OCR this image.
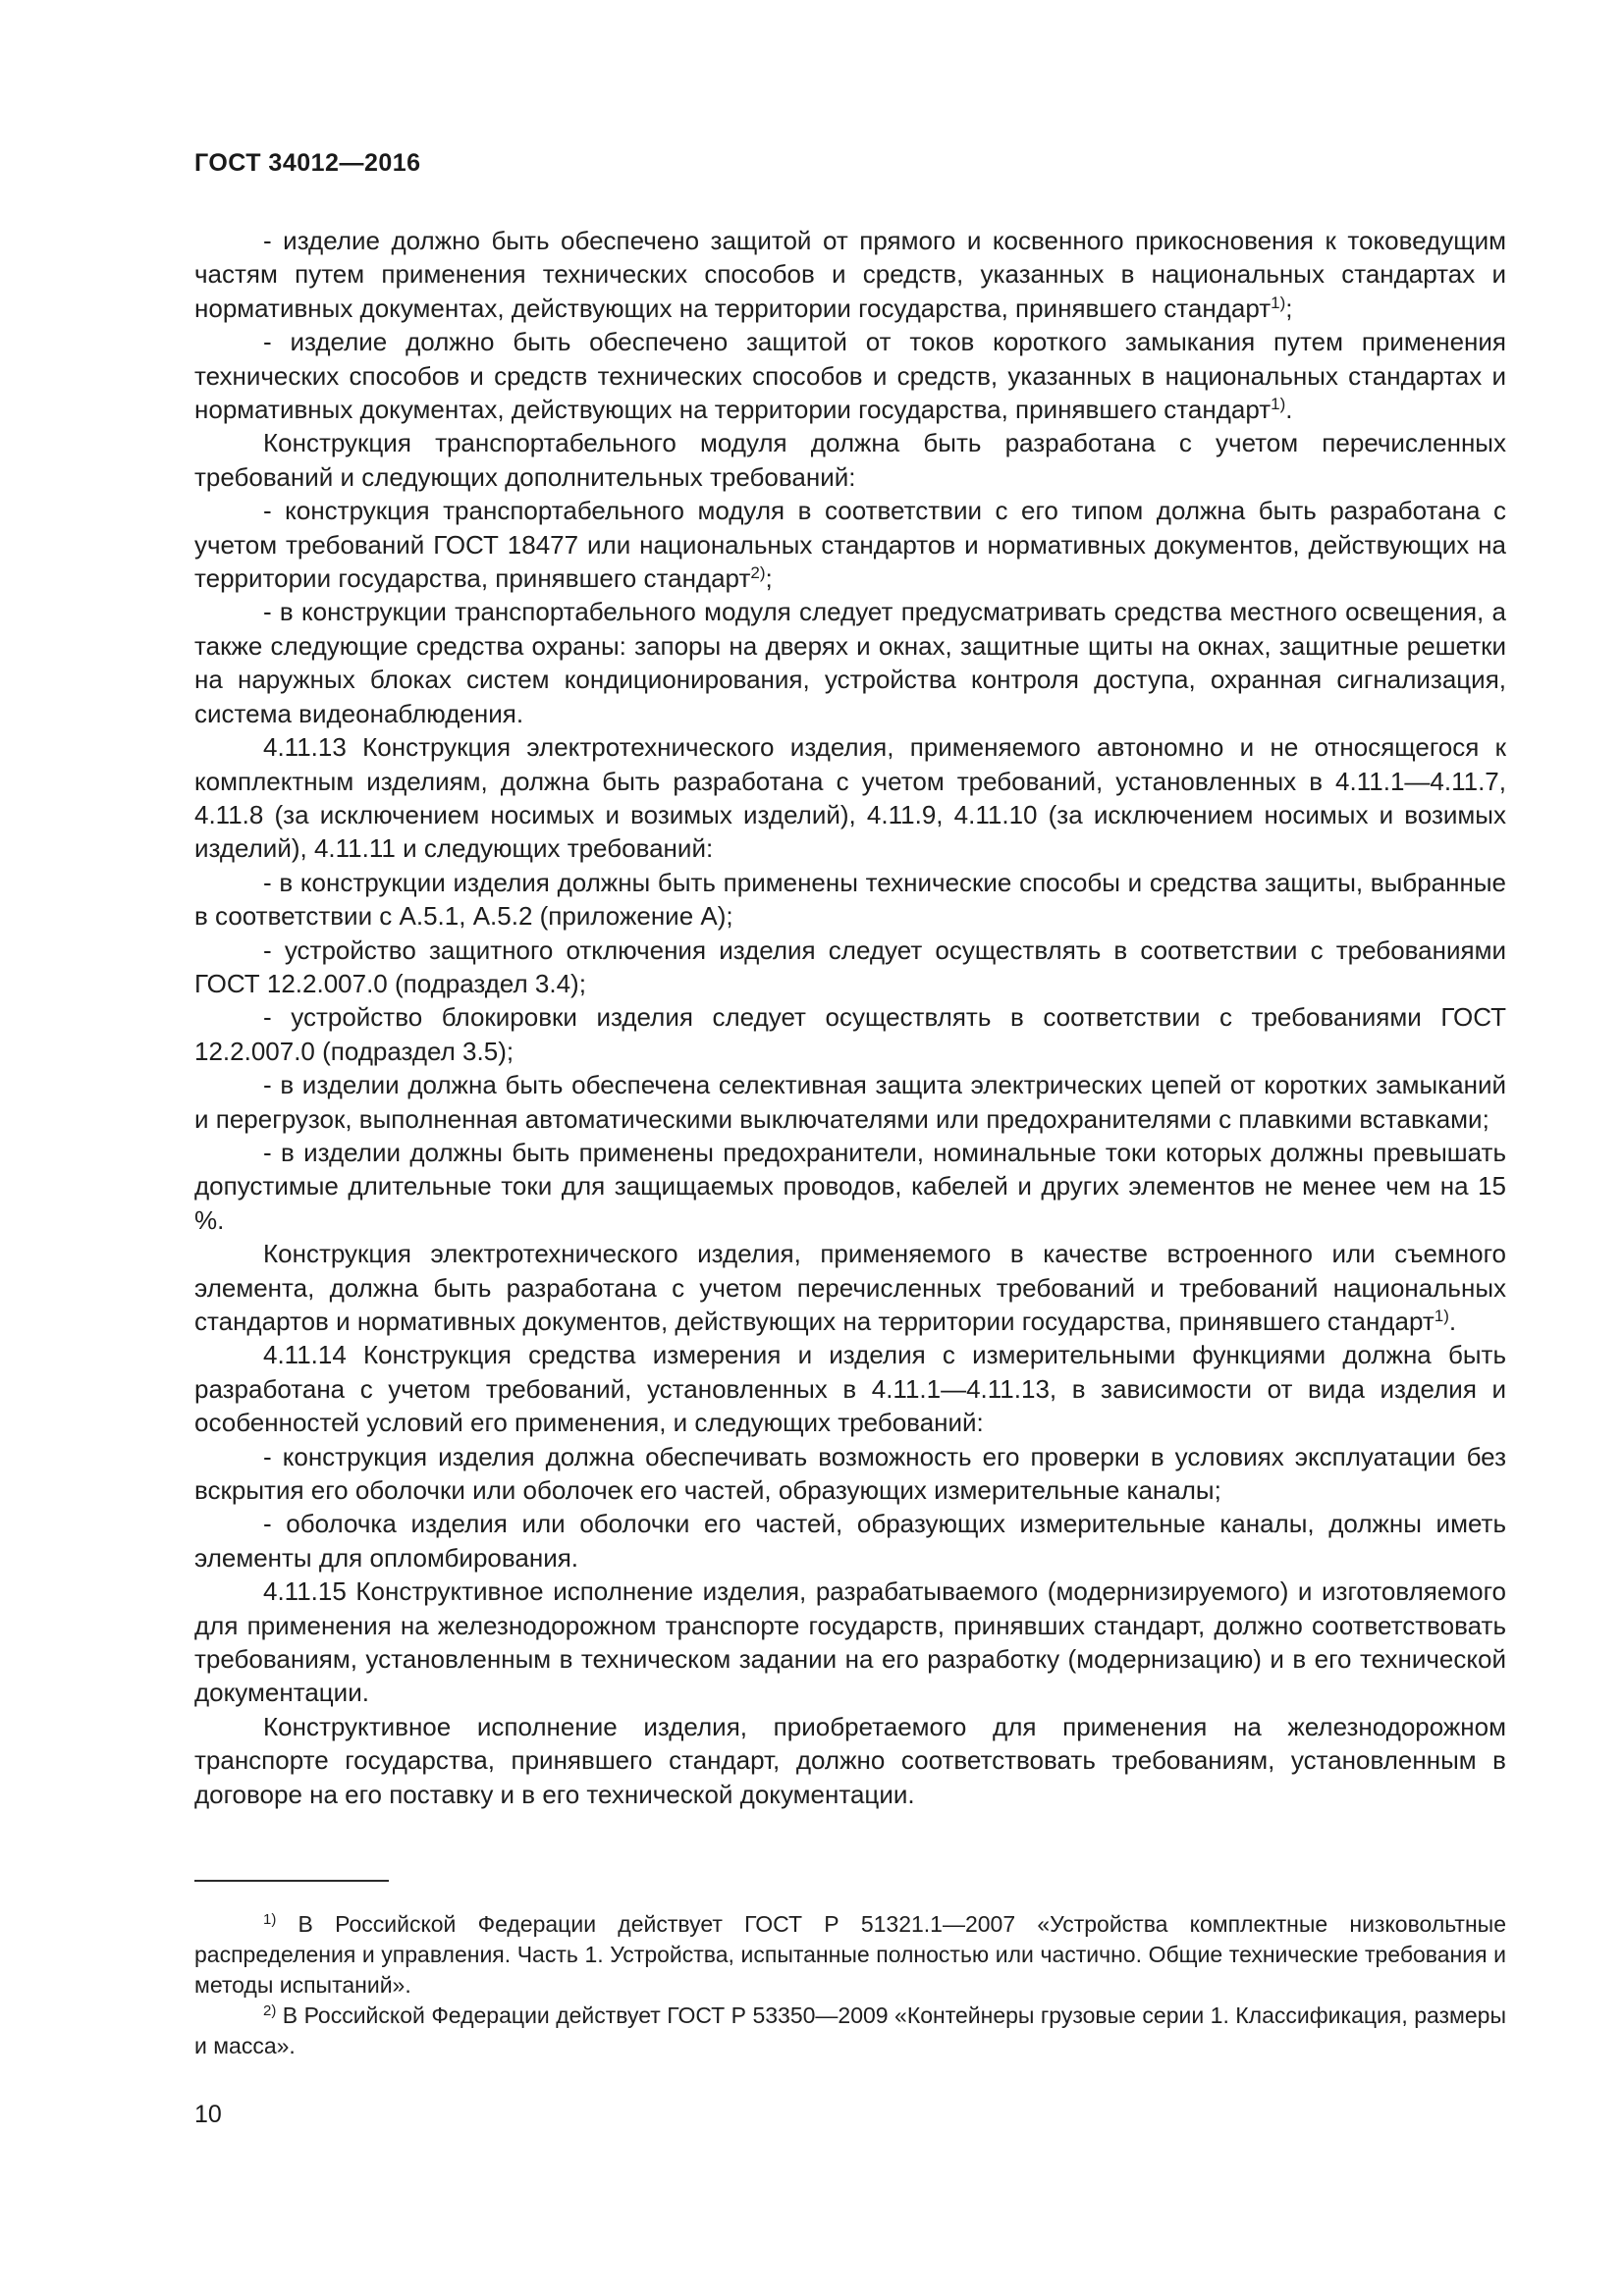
ГОСТ 34012—2016

- изделие должно быть обеспечено защитой от прямого и косвенного прикосновения к токоведущим частям путем применения технических способов и средств, указанных в национальных стандартах и нормативных документах, действующих на территории государства, принявшего стандарт$^{1)}$;

- изделие должно быть обеспечено защитой от токов короткого замыкания путем применения технических способов и средств технических способов и средств, указанных в национальных стандартах и нормативных документах, действующих на территории государства, принявшего стандарт$^{1)}$.

Конструкция транспортабельного модуля должна быть разработана с учетом перечисленных требований и следующих дополнительных требований:

- конструкция транспортабельного модуля в соответствии с его типом должна быть разработана с учетом требований ГОСТ 18477 или национальных стандартов и нормативных документов, действующих на территории государства, принявшего стандарт$^{2)}$;

- в конструкции транспортабельного модуля следует предусматривать средства местного освещения, а также следующие средства охраны: запоры на дверях и окнах, защитные щиты на окнах, защитные решетки на наружных блоках систем кондиционирования, устройства контроля доступа, охранная сигнализация, система видеонаблюдения.

4.11.13 Конструкция электротехнического изделия, применяемого автономно и не относящегося к комплектным изделиям, должна быть разработана с учетом требований, установленных в 4.11.1—4.11.7, 4.11.8 (за исключением носимых и возимых изделий), 4.11.9, 4.11.10 (за исключением носимых и возимых изделий), 4.11.11 и следующих требований:

- в конструкции изделия должны быть применены технические способы и средства защиты, выбранные в соответствии с А.5.1, А.5.2 (приложение А);

- устройство защитного отключения изделия следует осуществлять в соответствии с требованиями ГОСТ 12.2.007.0 (подраздел 3.4);

- устройство блокировки изделия следует осуществлять в соответствии с требованиями ГОСТ 12.2.007.0 (подраздел 3.5);

- в изделии должна быть обеспечена селективная защита электрических цепей от коротких замыканий и перегрузок, выполненная автоматическими выключателями или предохранителями с плавкими вставками;

- в изделии должны быть применены предохранители, номинальные токи которых должны превышать допустимые длительные токи для защищаемых проводов, кабелей и других элементов не менее чем на 15 %.

Конструкция электротехнического изделия, применяемого в качестве встроенного или съемного элемента, должна быть разработана с учетом перечисленных требований и требований национальных стандартов и нормативных документов, действующих на территории государства, принявшего стандарт$^{1)}$.

4.11.14 Конструкция средства измерения и изделия с измерительными функциями должна быть разработана с учетом требований, установленных в 4.11.1—4.11.13, в зависимости от вида изделия и особенностей условий его применения, и следующих требований:

- конструкция изделия должна обеспечивать возможность его проверки в условиях эксплуатации без вскрытия его оболочки или оболочек его частей, образующих измерительные каналы;

- оболочка изделия или оболочки его частей, образующих измерительные каналы, должны иметь элементы для опломбирования.

4.11.15 Конструктивное исполнение изделия, разрабатываемого (модернизируемого) и изготовляемого для применения на железнодорожном транспорте государств, принявших стандарт, должно соответствовать требованиям, установленным в техническом задании на его разработку (модернизацию) и в его технической документации.

Конструктивное исполнение изделия, приобретаемого для применения на железнодорожном транспорте государства, принявшего стандарт, должно соответствовать требованиям, установленным в договоре на его поставку и в его технической документации.

$^{1)}$ В Российской Федерации действует ГОСТ Р 51321.1—2007 «Устройства комплектные низковольтные распределения и управления. Часть 1. Устройства, испытанные полностью или частично. Общие технические требования и методы испытаний».

$^{2)}$ В Российской Федерации действует ГОСТ Р 53350—2009 «Контейнеры грузовые серии 1. Классификация, размеры и масса».

10
